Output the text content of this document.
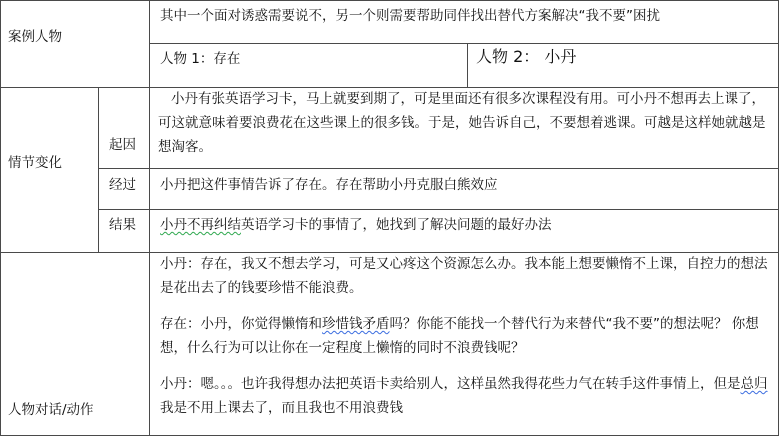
案例人物
其中一个面对诱惑需要说不，另一个则需要帮助同伴找出替代方案解决“我不要”困扰
人物 1：存在	人物 2： 小丹
情节变化
起因
小丹有张英语学习卡，马上就要到期了，可是里面还有很多次课程没有用。可小丹不想再去上课了，可这就意味着要浪费花在这些课上的很多钱。于是，她告诉自己，不要想着逃课。可越是这样她就越是想淘客。
经过 小丹把这件事情告诉了存在。存在帮助小丹克服白熊效应
结果 小丹不再纠结英语学习卡的事情了，她找到了解决问题的最好办法
人物对话/动作
小丹：存在，我又不想去学习，可是又心疼这个资源怎么办。我本能上想要懒惰不上课，自控力的想法是花出去了的钱要珍惜不能浪费。
存在：小丹，你觉得懒惰和珍惜钱矛盾吗？你能不能找一个替代行为来替代“我不要”的想法呢？ 你想想，什么行为可以让你在一定程度上懒惰的同时不浪费钱呢？
小丹：嗯。。。也许我得想办法把英语卡卖给别人，这样虽然我得花些力气在转手这件事情上，但是总归我是不用上课去了，而且我也不用浪费钱
